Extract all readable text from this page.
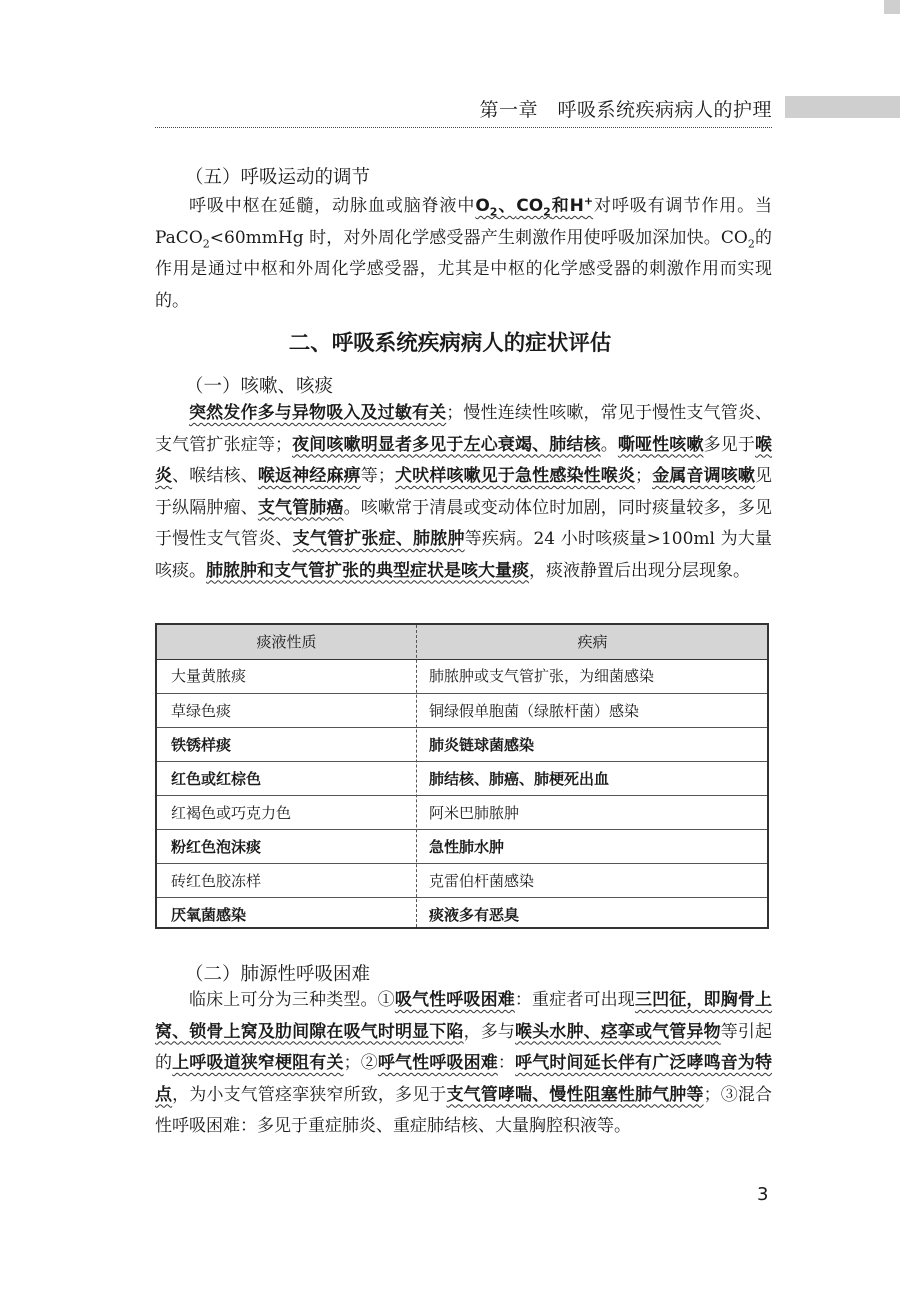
第一章　呼吸系统疾病病人的护理
（五）呼吸运动的调节
呼吸中枢在延髓，动脉血或脑脊液中$O_2$、$CO_2$和H+对呼吸有调节作用。当 PaCO$_2$<60mmHg 时，对外周化学感受器产生刺激作用使呼吸加深加快。$CO_2$的作用是通过中枢和外周化学感受器，尤其是中枢的化学感受器的刺激作用而实现的。
二、呼吸系统疾病病人的症状评估
（一）咳嗽、咳痰
突然发作多与异物吸入及过敏有关；慢性连续性咳嗽，常见于慢性支气管炎、支气管扩张症等；夜间咳嗽明显者多见于左心衰竭、肺结核。嘶哑性咳嗽多见于喉炎、喉结核、喉返神经麻痹等；犬吠样咳嗽见于急性感染性喉炎；金属音调咳嗽见于纵隔肿瘤、支气管肺癌。咳嗽常于清晨或变动体位时加剧，同时痰量较多，多见于慢性支气管炎、支气管扩张症、肺脓肿等疾病。24 小时咳痰量>100ml 为大量咳痰。肺脓肿和支气管扩张的典型症状是咳大量痰，痰液静置后出现分层现象。
痰液性质	疾病
大量黄脓痰	肺脓肿或支气管扩张，为细菌感染
草绿色痰	铜绿假单胞菌（绿脓杆菌）感染
铁锈样痰	肺炎链球菌感染
红色或红棕色	肺结核、肺癌、肺梗死出血
红褐色或巧克力色	阿米巴肺脓肿
粉红色泡沫痰	急性肺水肿
砖红色胶冻样	克雷伯杆菌感染
厌氧菌感染	痰液多有恶臭
（二）肺源性呼吸困难
临床上可分为三种类型。①吸气性呼吸困难：重症者可出现三凹征，即胸骨上窝、锁骨上窝及肋间隙在吸气时明显下陷，多与喉头水肿、痉挛或气管异物等引起的上呼吸道狭窄梗阻有关；②呼气性呼吸困难：呼气时间延长伴有广泛哮鸣音为特点，为小支气管痉挛狭窄所致，多见于支气管哮喘、慢性阻塞性肺气肿等；③混合性呼吸困难：多见于重症肺炎、重症肺结核、大量胸腔积液等。
3
